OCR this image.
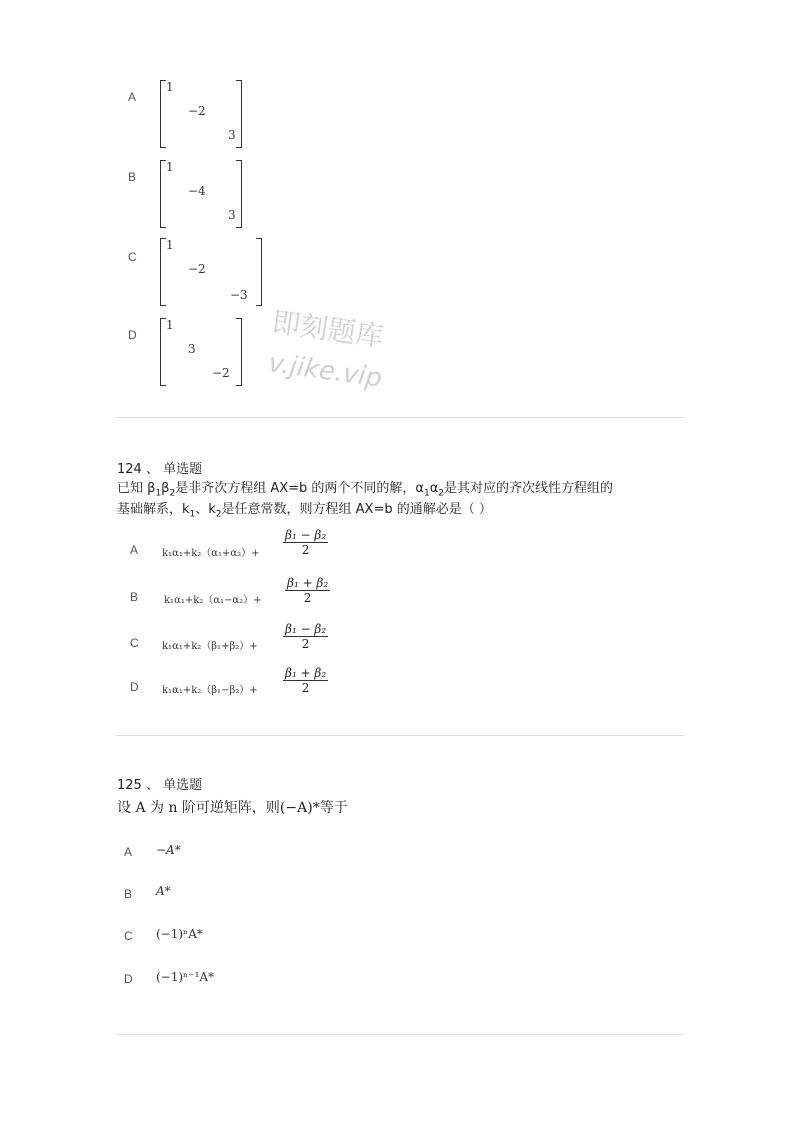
A
1
−2
3
B
1
−4
3
C
1
−2
−3
D
1
3
−2
即刻题库
v.jike.vip
124 、 单选题
已知 $\beta_1\beta_2$是非齐次方程组 AX=b 的两个不同的解，$\alpha_1\alpha_2$是其对应的齐次线性方程组的
基础解系，$k_1$、$k_2$是任意常数，则方程组 AX=b 的通解必是（ ）
A $k_1\alpha_1+k_2(\alpha_1+\alpha_2)+ \frac{\text{β₁ − β₂}}{2}$
B	$k_1\alpha_1+k_2(\alpha_1-\alpha_2)+ \frac{\text{β₁ + β₂}}{2}$
C $k_1\alpha_1+k_2(\beta_1+\beta_2)+ \frac{\text{β₁ − β₂}}{2}$
D $k_1\alpha_1+k_2(\beta_1-\beta_2)+ \frac{\text{β₁ + β₂}}{2}$
125 、 单选题
设 A 为 n 阶可逆矩阵，则(−A)*等于
A −A*
B A*
C (−1)ⁿA*
D (−1)ⁿ⁻¹A*
